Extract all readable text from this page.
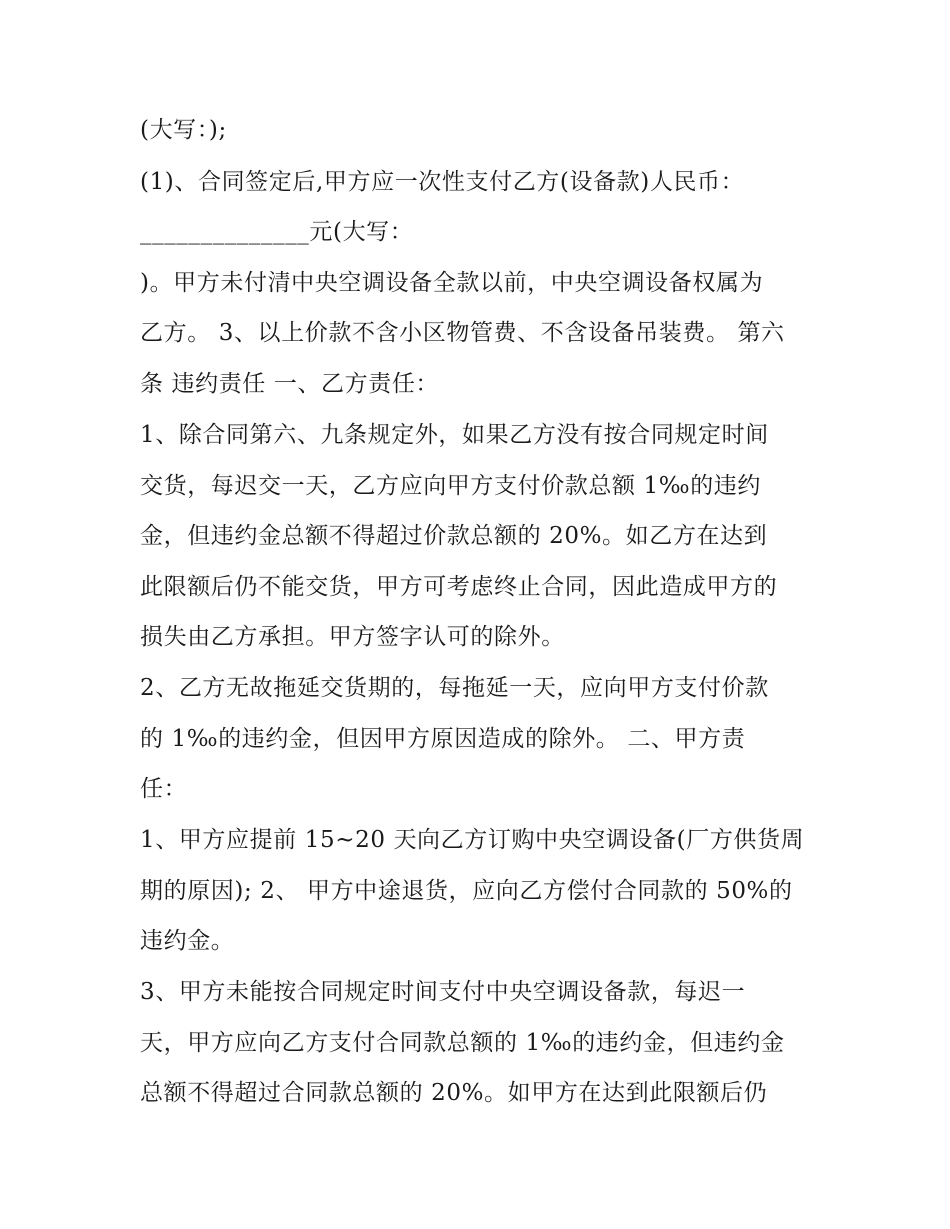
(大写：);

(1)、合同签定后,甲方应一次性支付乙方(设备款)人民币：

______________元(大写：

)。甲方未付清中央空调设备全款以前，中央空调设备权属为

乙方。 3、以上价款不含小区物管费、不含设备吊装费。 第六

条 违约责任 一、乙方责任：

1、除合同第六、九条规定外，如果乙方没有按合同规定时间

交货，每迟交一天，乙方应向甲方支付价款总额 1‰的违约

金，但违约金总额不得超过价款总额的 20%。如乙方在达到

此限额后仍不能交货，甲方可考虑终止合同，因此造成甲方的

损失由乙方承担。甲方签字认可的除外。

2、乙方无故拖延交货期的，每拖延一天，应向甲方支付价款

的 1‰的违约金，但因甲方原因造成的除外。 二、甲方责

任：

1、甲方应提前 15~20 天向乙方订购中央空调设备(厂方供货周

期的原因); 2、 甲方中途退货，应向乙方偿付合同款的 50%的

违约金。

3、甲方未能按合同规定时间支付中央空调设备款，每迟一

天，甲方应向乙方支付合同款总额的 1‰的违约金，但违约金

总额不得超过合同款总额的 20%。如甲方在达到此限额后仍
